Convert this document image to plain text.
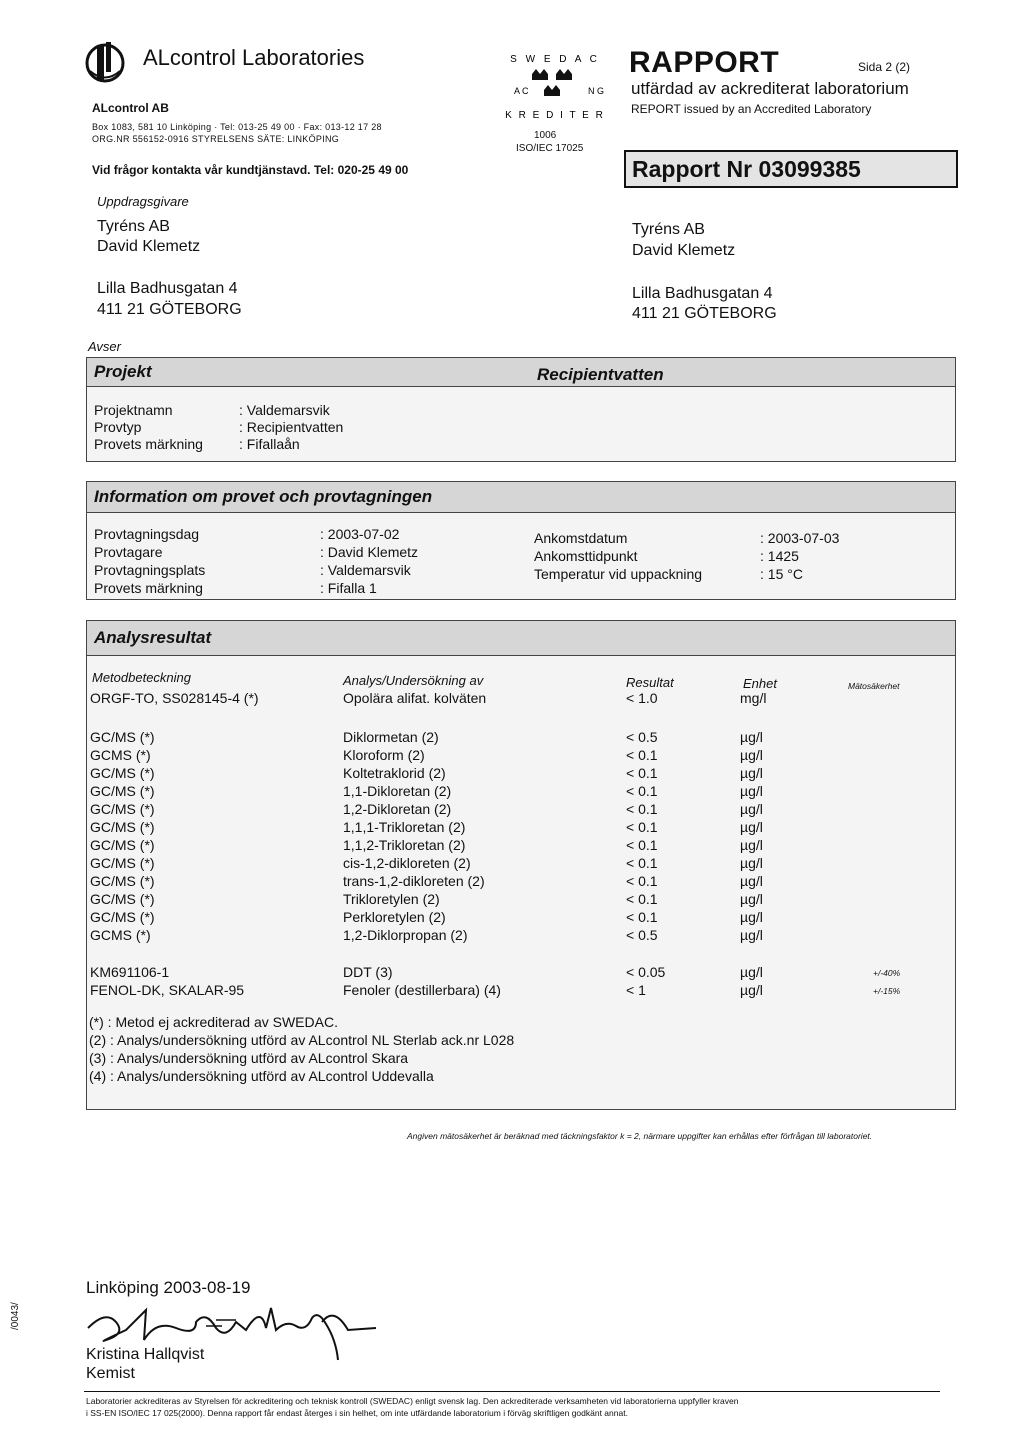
ALcontrol Laboratories
ALcontrol AB
Box 1083, 581 10 Linköping · Tel: 013-25 49 00 · Fax: 013-12 17 28
ORG.NR 556152-0916 STYRELSENS SÄTE: LINKÖPING
Vid frågor kontakta vår kundtjänstavd. Tel: 020-25 49 00
S W E D A C
K R E D I T E R
A C	N G
1006
ISO/IEC 17025
RAPPORT	Sida 2 (2)
utfärdad av ackrediterat laboratorium
REPORT issued by an Accredited Laboratory
Rapport Nr 03099385
Uppdragsgivare
Tyréns AB
David Klemetz
Lilla Badhusgatan 4
411 21 GÖTEBORG
Tyréns AB
David Klemetz
Lilla Badhusgatan 4
411 21 GÖTEBORG
Avser
Projekt	Recipientvatten
Projektnamn	: Valdemarsvik
Provtyp	: Recipientvatten
Provets märkning	: Fifallaån
Information om provet och provtagningen
Provtagningsdag	: 2003-07-02
Provtagare	: David Klemetz
Provtagningsplats	: Valdemarsvik
Provets märkning	: Fifalla 1
Ankomstdatum	: 2003-07-03
Ankomsttidpunkt	: 1425
Temperatur vid uppackning	: 15 °C
Analysresultat
Metodbeteckning	Analys/Undersökning av	Resultat	Enhet	Mätosäkerhet
ORGF-TO, SS028145-4 (*)	Opolära alifat. kolväten	< 1.0	mg/l
GC/MS (*)	Diklormetan (2)	< 0.5	µg/l
GCMS (*)	Kloroform (2)	< 0.1	µg/l
GC/MS (*)	Koltetraklorid (2)	< 0.1	µg/l
GC/MS (*)	1,1-Dikloretan (2)	< 0.1	µg/l
GC/MS (*)	1,2-Dikloretan (2)	< 0.1	µg/l
GC/MS (*)	1,1,1-Trikloretan (2)	< 0.1	µg/l
GC/MS (*)	1,1,2-Trikloretan (2)	< 0.1	µg/l
GC/MS (*)	cis-1,2-dikloreten (2)	< 0.1	µg/l
GC/MS (*)	trans-1,2-dikloreten (2)	< 0.1	µg/l
GC/MS (*)	Trikloretylen (2)	< 0.1	µg/l
GC/MS (*)	Perkloretylen (2)	< 0.1	µg/l
GCMS (*)	1,2-Diklorpropan (2)	< 0.5	µg/l
KM691106-1	DDT (3)	< 0.05	µg/l	+/-40%
FENOL-DK, SKALAR-95	Fenoler (destillerbara) (4)	< 1	µg/l	+/-15%
(*) : Metod ej ackrediterad av SWEDAC.
(2) : Analys/undersökning utförd av ALcontrol NL Sterlab ack.nr L028
(3) : Analys/undersökning utförd av ALcontrol Skara
(4) : Analys/undersökning utförd av ALcontrol Uddevalla
Angiven mätosäkerhet är beräknad med täckningsfaktor k = 2, närmare uppgifter kan erhållas efter förfrågan till laboratoriet.
Linköping 2003-08-19
Kristina Hallqvist
Kemist
Laboratorier ackrediteras av Styrelsen för ackreditering och teknisk kontroll (SWEDAC) enligt svensk lag. Den ackrediterade verksamheten vid laboratorierna uppfyller kraven
i SS-EN ISO/IEC 17 025(2000). Denna rapport får endast återges i sin helhet, om inte utfärdande laboratorium i förväg skriftligen godkänt annat.
/0043/
